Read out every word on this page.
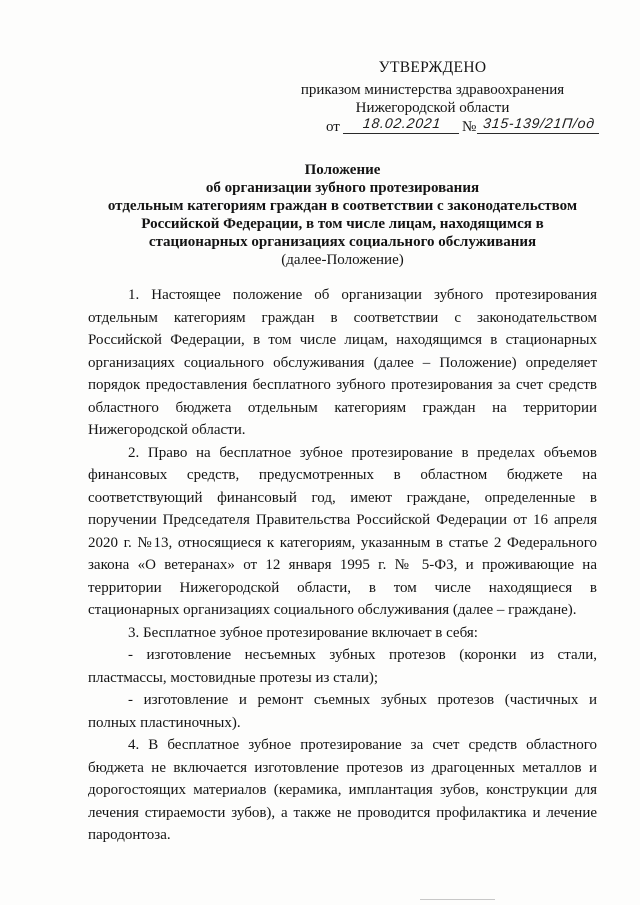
УТВЕРЖДЕНО
приказом министерства здравоохранения
Нижегородской области
от	18.02.2021	№ 315-139/21П/од
Положение
об организации зубного протезирования
отдельным категориям граждан в соответствии с законодательством
Российской Федерации, в том числе лицам, находящимся в
стационарных организациях социального обслуживания
(далее-Положение)
1. Настоящее положение об организации зубного протезирования
отдельным категориям граждан в соответствии с законодательством
Российской Федерации, в том числе лицам, находящимся в стационарных
организациях социального обслуживания (далее – Положение) определяет
порядок предоставления бесплатного зубного протезирования за счет средств
областного бюджета отдельным категориям граждан на территории
Нижегородской области.
2. Право на бесплатное зубное протезирование в пределах объемов
финансовых средств, предусмотренных в областном бюджете на
соответствующий финансовый год, имеют граждане, определенные в
поручении Председателя Правительства Российской Федерации от 16 апреля
2020 г. №13, относящиеся к категориям, указанным в статье 2 Федерального
закона «О ветеранах» от 12 января 1995 г. № 5-ФЗ, и проживающие на
территории Нижегородской области, в том числе находящиеся в
стационарных организациях социального обслуживания (далее – граждане).
3. Бесплатное зубное протезирование включает в себя:
- изготовление несъемных зубных протезов (коронки из стали,
пластмассы, мостовидные протезы из стали);
- изготовление и ремонт съемных зубных протезов (частичных и
полных пластиночных).
4. В бесплатное зубное протезирование за счет средств областного
бюджета не включается изготовление протезов из драгоценных металлов и
дорогостоящих материалов (керамика, имплантация зубов, конструкции для
лечения стираемости зубов), а также не проводится профилактика и лечение
пародонтоза.
